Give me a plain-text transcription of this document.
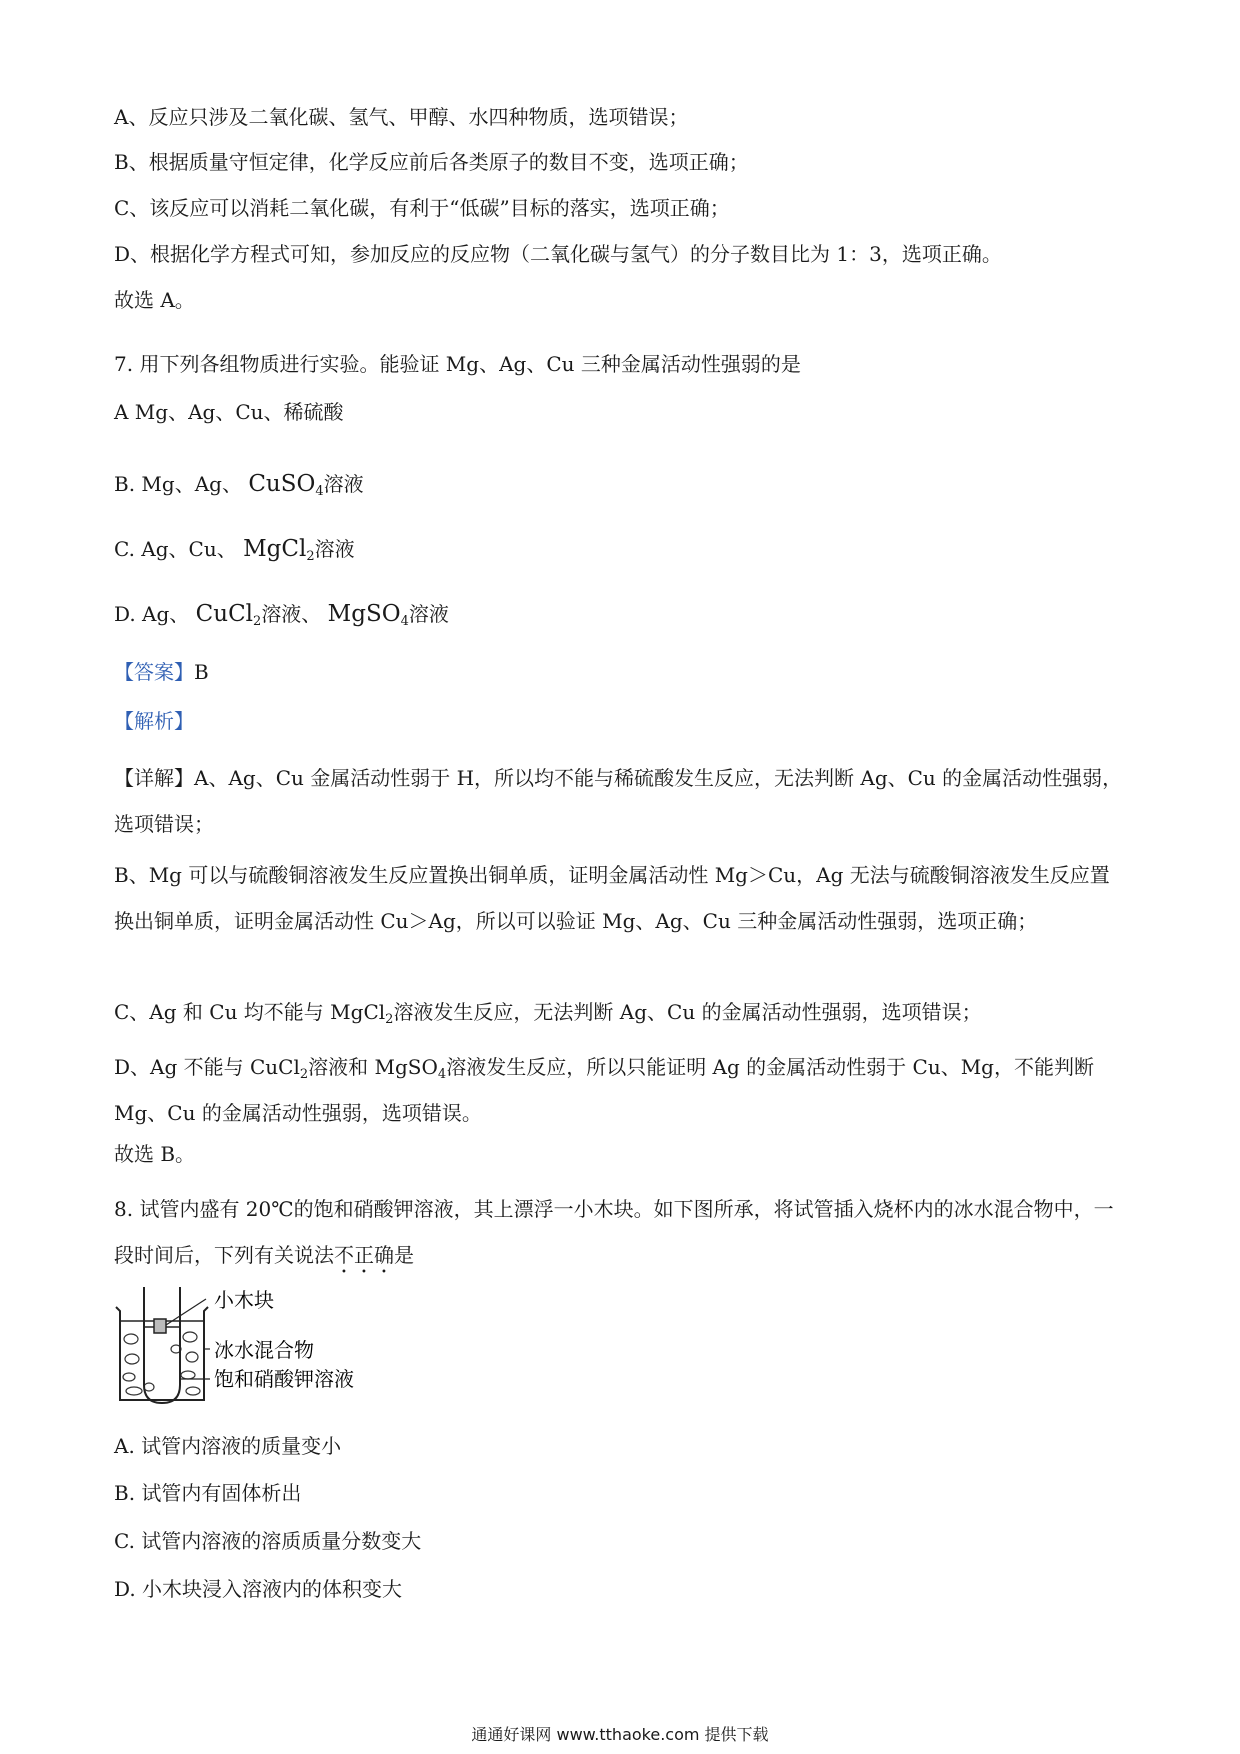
A、反应只涉及二氧化碳、氢气、甲醇、水四种物质，选项错误；
B、根据质量守恒定律，化学反应前后各类原子的数目不变，选项正确；
C、该反应可以消耗二氧化碳，有利于“低碳”目标的落实，选项正确；
D、根据化学方程式可知，参加反应的反应物（二氧化碳与氢气）的分子数目比为 1：3，选项正确。
故选 A。
7. 用下列各组物质进行实验。能验证 Mg、Ag、Cu 三种金属活动性强弱的是
A Mg、Ag、Cu、稀硫酸
B. Mg、Ag、 CuSO$_4$溶液
C. Ag、Cu、 MgCl$_2$溶液
D. Ag、 CuCl$_2$溶液、 MgSO$_4$溶液
【答案】B
【解析】
【详解】A、Ag、Cu 金属活动性弱于 H，所以均不能与稀硫酸发生反应，无法判断 Ag、Cu 的金属活动性强弱，选项错误；
B、Mg 可以与硫酸铜溶液发生反应置换出铜单质，证明金属活动性 Mg＞Cu，Ag 无法与硫酸铜溶液发生反应置换出铜单质，证明金属活动性 Cu＞Ag，所以可以验证 Mg、Ag、Cu 三种金属活动性强弱，选项正确；
C、Ag 和 Cu 均不能与 MgCl$_2$溶液发生反应，无法判断 Ag、Cu 的金属活动性强弱，选项错误；
D、Ag 不能与 CuCl$_2$溶液和 MgSO$_4$溶液发生反应，所以只能证明 Ag 的金属活动性弱于 Cu、Mg，不能判断 Mg、Cu 的金属活动性强弱，选项错误。
故选 B。
8. 试管内盛有 20℃的饱和硝酸钾溶液，其上漂浮一小木块。如下图所承，将试管插入烧杯内的冰水混合物中，一段时间后，下列有关说法不正确是
小木块
冰水混合物
饱和硝酸钾溶液
A. 试管内溶液的质量变小
B. 试管内有固体析出
C. 试管内溶液的溶质质量分数变大
D. 小木块浸入溶液内的体积变大
通通好课网 www.tthaoke.com 提供下载
